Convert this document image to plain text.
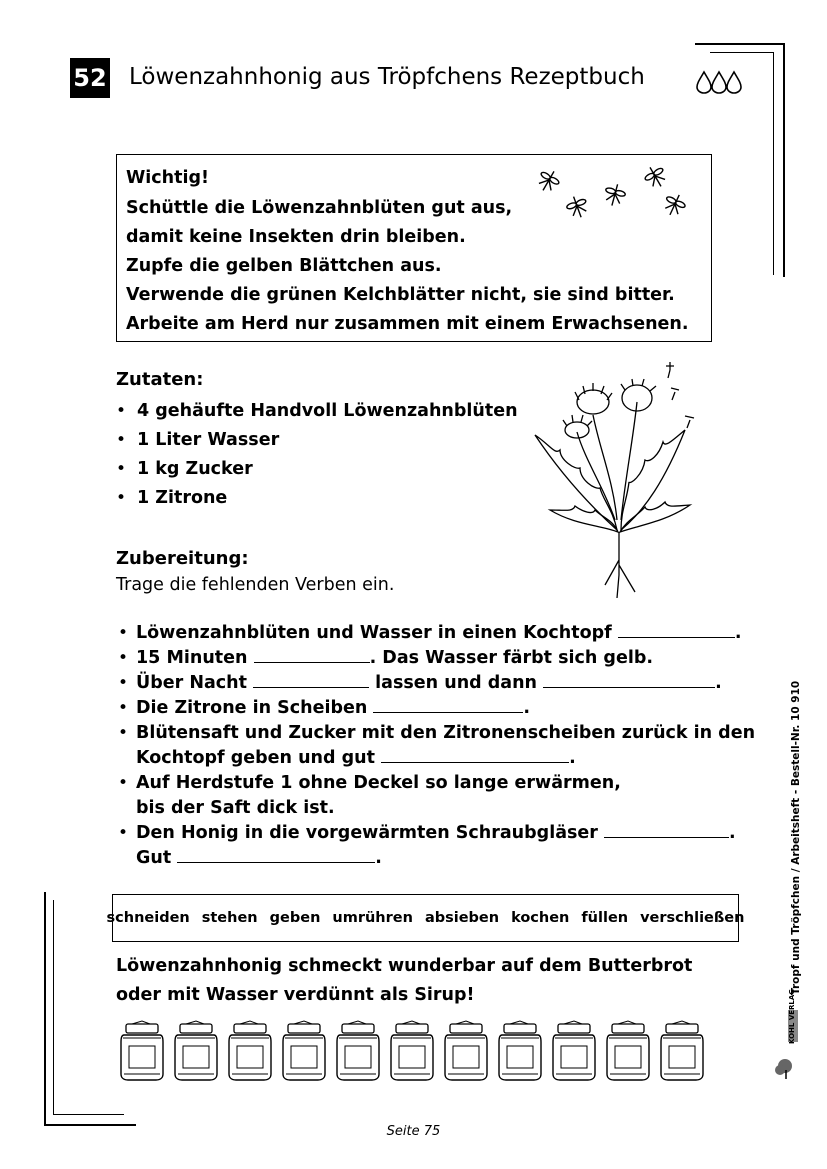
52 Löwenzahnhonig aus Tröpfchens Rezeptbuch
Wichtig!
Schüttle die Löwenzahnblüten gut aus,
damit keine Insekten drin bleiben.
Zupfe die gelben Blättchen aus.
Verwende die grünen Kelchblätter nicht, sie sind bitter.
Arbeite am Herd nur zusammen mit einem Erwachsenen.
Zutaten:
• 4 gehäufte Handvoll Löwenzahnblüten
• 1 Liter Wasser
• 1 kg Zucker
• 1 Zitrone
Zubereitung:
Trage die fehlenden Verben ein.
• Löwenzahnblüten und Wasser in einen Kochtopf	.
• 15 Minuten	. Das Wasser färbt sich gelb.
• Über Nacht	lassen und dann	.
• Die Zitrone in Scheiben	.
• Blütensaft und Zucker mit den Zitronenscheiben zurück in den
Kochtopf geben und gut	.
• Auf Herdstufe 1 ohne Deckel so lange erwärmen,
bis der Saft dick ist.
• Den Honig in die vorgewärmten Schraubgläser	.
Gut	.
schneiden stehen geben umrühren absieben kochen füllen verschließen
Löwenzahnhonig schmeckt wunderbar auf dem Butterbrot
oder mit Wasser verdünnt als Sirup!	Tropf und Tröpfchen / Arbeitsheft - Bestell-Nr. 10 910
KOHL VERLAG
Seite 75
